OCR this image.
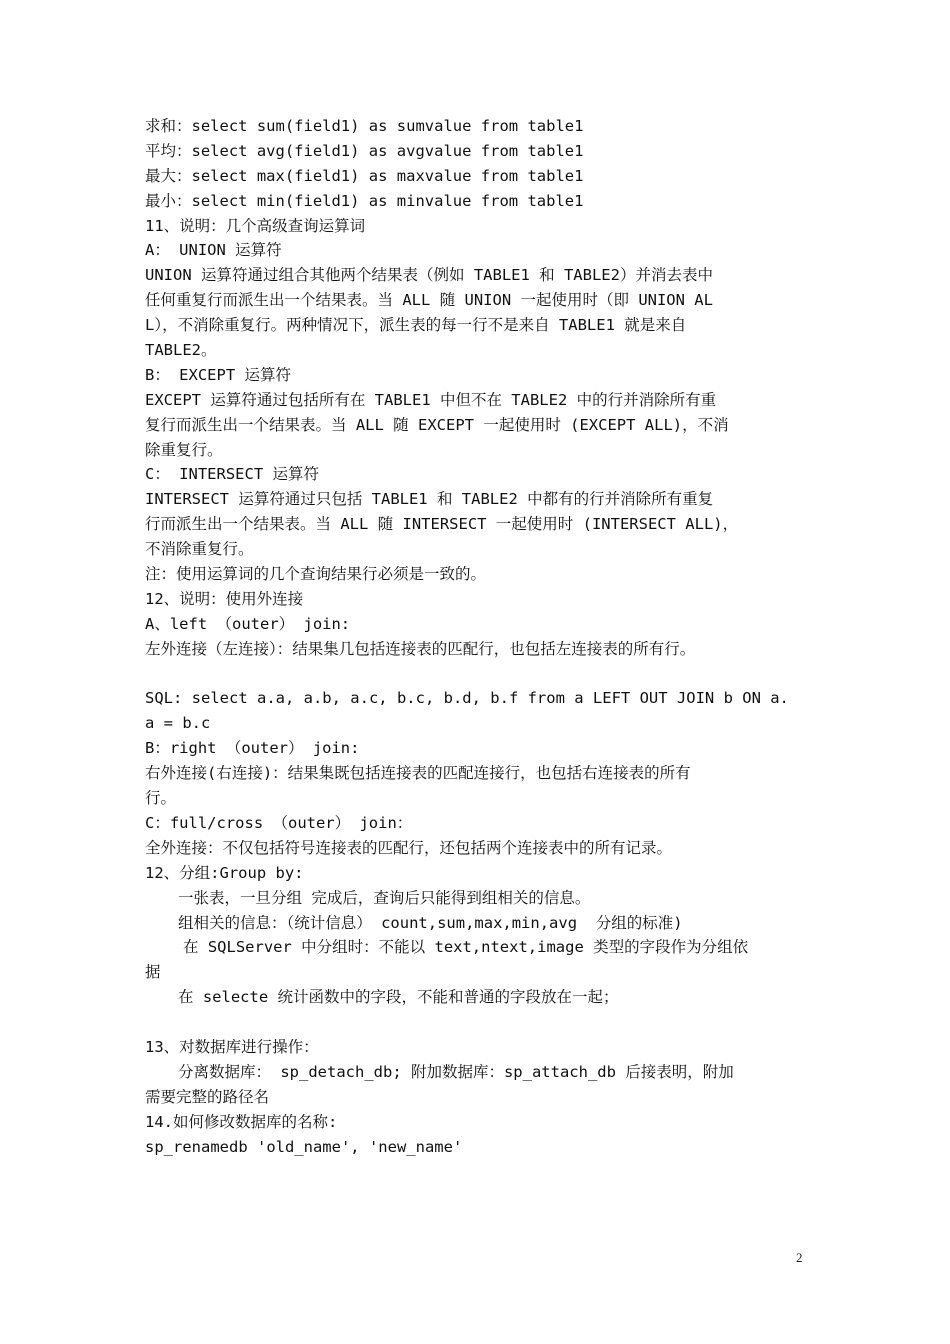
求和：select sum(field1) as sumvalue from table1
平均：select avg(field1) as avgvalue from table1
最大：select max(field1) as maxvalue from table1
最小：select min(field1) as minvalue from table1
11、说明：几个高级查询运算词
A： UNION 运算符
UNION 运算符通过组合其他两个结果表（例如 TABLE1 和 TABLE2）并消去表中
任何重复行而派生出一个结果表。当 ALL 随 UNION 一起使用时（即 UNION AL
L），不消除重复行。两种情况下，派生表的每一行不是来自 TABLE1 就是来自
TABLE2。
B： EXCEPT 运算符
EXCEPT 运算符通过包括所有在 TABLE1 中但不在 TABLE2 中的行并消除所有重
复行而派生出一个结果表。当 ALL 随 EXCEPT 一起使用时 (EXCEPT ALL)，不消
除重复行。
C： INTERSECT 运算符
INTERSECT 运算符通过只包括 TABLE1 和 TABLE2 中都有的行并消除所有重复
行而派生出一个结果表。当 ALL 随 INTERSECT 一起使用时 (INTERSECT ALL)，
不消除重复行。
注：使用运算词的几个查询结果行必须是一致的。
12、说明：使用外连接
A、left （outer） join:
左外连接（左连接）：结果集几包括连接表的匹配行，也包括左连接表的所有行。
SQL: select a.a, a.b, a.c, b.c, b.d, b.f from a LEFT OUT JOIN b ON a.
a = b.c
B：right （outer） join:
右外连接(右连接)：结果集既包括连接表的匹配连接行，也包括右连接表的所有
行。
C：full/cross （outer） join：
全外连接：不仅包括符号连接表的匹配行，还包括两个连接表中的所有记录。
12、分组:Group by:
一张表，一旦分组 完成后，查询后只能得到组相关的信息。
组相关的信息：（统计信息） count,sum,max,min,avg  分组的标准)
在 SQLServer 中分组时：不能以 text,ntext,image 类型的字段作为分组依
据
在 selecte 统计函数中的字段，不能和普通的字段放在一起；
13、对数据库进行操作：
分离数据库： sp_detach_db; 附加数据库：sp_attach_db 后接表明，附加
需要完整的路径名
14.如何修改数据库的名称:
sp_renamedb 'old_name', 'new_name'
2
